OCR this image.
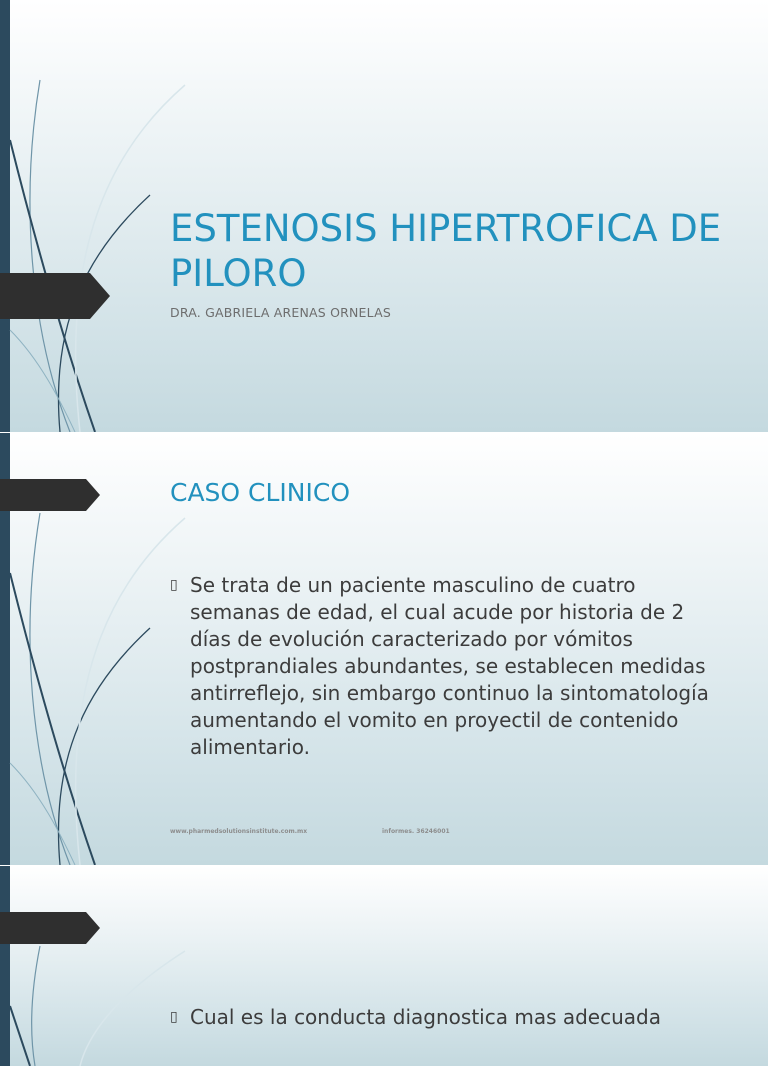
ESTENOSIS HIPERTROFICA DE PILORO
DRA. GABRIELA ARENAS ORNELAS
CASO CLINICO
▯ Se trata de un paciente masculino de cuatro semanas de edad, el cual acude por historia de 2 días de evolución caracterizado por vómitos postprandiales abundantes, se establecen medidas antirreflejo, sin embargo continuo la sintomatología aumentando el vomito en proyectil de contenido alimentario.
www.pharmedsolutionsinstitute.com.mx	informes. 36246001
▯ Cual es la conducta diagnostica mas adecuada
